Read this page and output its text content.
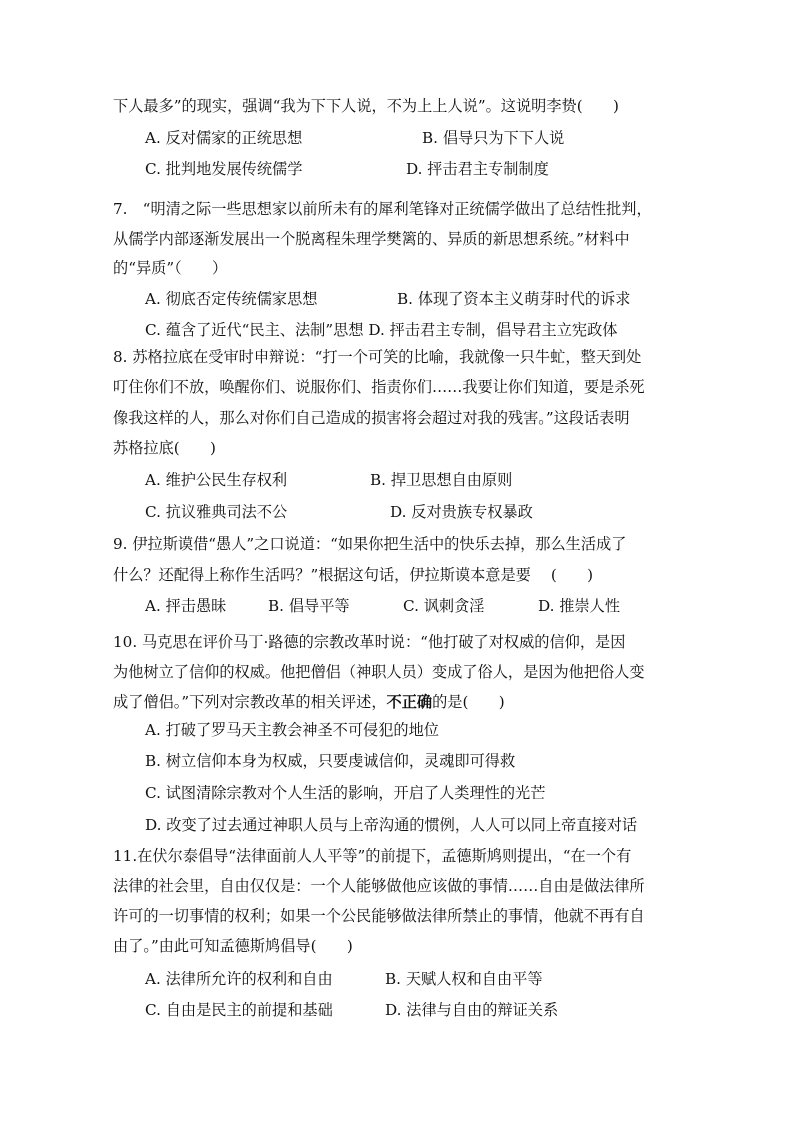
下人最多”的现实，强调“我为下下人说，不为上上人说”。这说明李贽(　　)
A. 反对儒家的正统思想	B. 倡导只为下下人说
C. 批判地发展传统儒学	D. 抨击君主专制制度
7.　“明清之际一些思想家以前所未有的犀利笔锋对正统儒学做出了总结性批判，
从儒学内部逐渐发展出一个脱离程朱理学樊篱的、异质的新思想系统。”材料中
的“异质”（　　）
A. 彻底否定传统儒家思想	B. 体现了资本主义萌芽时代的诉求
C. 蕴含了近代“民主、法制”思想 D. 抨击君主专制，倡导君主立宪政体
8. 苏格拉底在受审时申辩说：“打一个可笑的比喻，我就像一只牛虻，整天到处
叮住你们不放，唤醒你们、说服你们、指责你们……我要让你们知道，要是杀死
像我这样的人，那么对你们自己造成的损害将会超过对我的残害。”这段话表明
苏格拉底(　　)
A. 维护公民生存权利	B. 捍卫思想自由原则
C. 抗议雅典司法不公	D. 反对贵族专权暴政
9. 伊拉斯谟借“愚人”之口说道：“如果你把生活中的快乐去掉，那么生活成了
什么？还配得上称作生活吗？”根据这句话，伊拉斯谟本意是要　 (　　)
A. 抨击愚昧	B. 倡导平等	C. 讽刺贪淫	D. 推崇人性
10. 马克思在评价马丁·路德的宗教改革时说：“他打破了对权威的信仰，是因
为他树立了信仰的权威。他把僧侣（神职人员）变成了俗人，是因为他把俗人变
成了僧侣。”下列对宗教改革的相关评述，不正确的是(　　)
A. 打破了罗马天主教会神圣不可侵犯的地位
B. 树立信仰本身为权威，只要虔诚信仰，灵魂即可得救
C. 试图清除宗教对个人生活的影响，开启了人类理性的光芒
D. 改变了过去通过神职人员与上帝沟通的惯例，人人可以同上帝直接对话
11.在伏尔泰倡导“法律面前人人平等”的前提下，孟德斯鸠则提出，“在一个有
法律的社会里，自由仅仅是：一个人能够做他应该做的事情……自由是做法律所
许可的一切事情的权利；如果一个公民能够做法律所禁止的事情，他就不再有自
由了。”由此可知孟德斯鸠倡导(　　)
A. 法律所允许的权利和自由	B. 天赋人权和自由平等
C. 自由是民主的前提和基础	D. 法律与自由的辩证关系
